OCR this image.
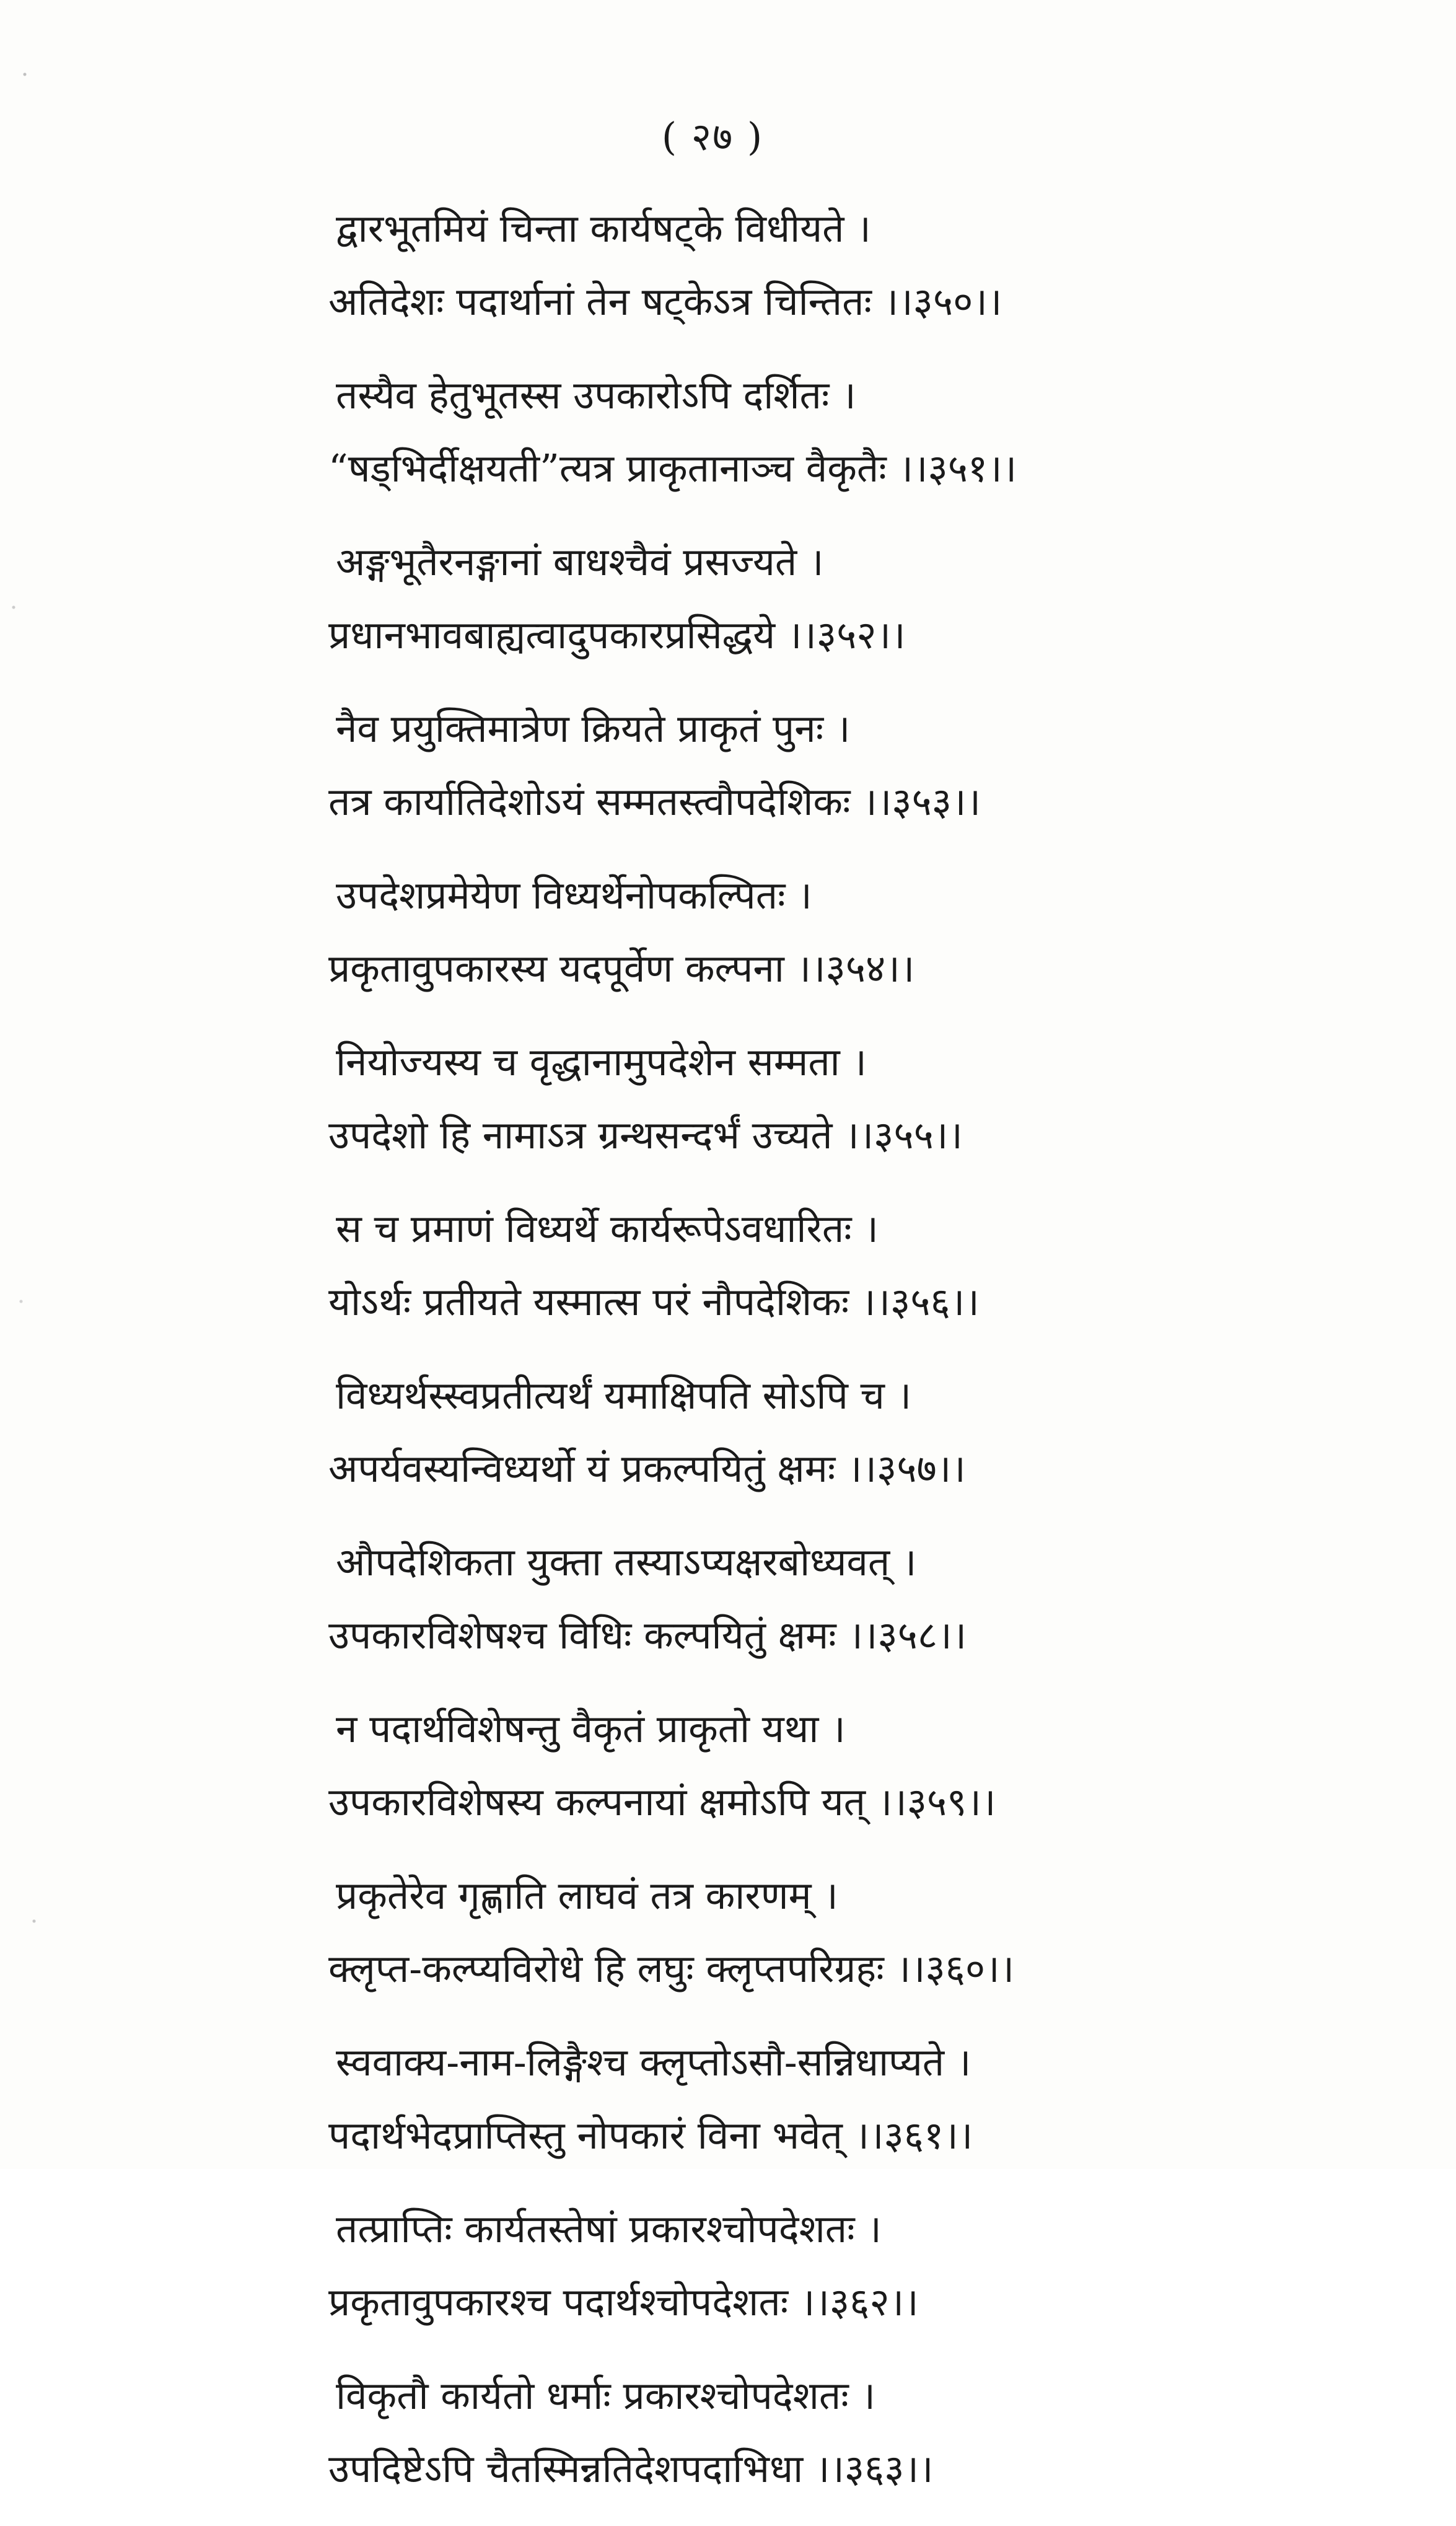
( २७ )
द्वारभूतमियं चिन्ता कार्यषट्के विधीयते ।
अतिदेशः पदार्थानां तेन षट्केऽत्र चिन्तितः ।।३५०।।
तस्यैव हेतुभूतस्स उपकारोऽपि दर्शितः ।
“षड्भिर्दीक्षयती”त्यत्र प्राकृतानाञ्च वैकृतैः ।।३५१।।
अङ्गभूतैरनङ्गानां बाधश्चैवं प्रसज्यते ।
प्रधानभावबाह्यत्वादुपकारप्रसिद्धये ।।३५२।।
नैव प्रयुक्तिमात्रेण क्रियते प्राकृतं पुनः ।
तत्र कार्यातिदेशोऽयं सम्मतस्त्वौपदेशिकः ।।३५३।।
उपदेशप्रमेयेण विध्यर्थेनोपकल्पितः ।
प्रकृतावुपकारस्य यदपूर्वेण कल्पना ।।३५४।।
नियोज्यस्य च वृद्धानामुपदेशेन सम्मता ।
उपदेशो हि नामाऽत्र ग्रन्थसन्दर्भं उच्यते ।।३५५।।
स च प्रमाणं विध्यर्थे कार्यरूपेऽवधारितः ।
योऽर्थः प्रतीयते यस्मात्स परं नौपदेशिकः ।।३५६।।
विध्यर्थस्स्वप्रतीत्यर्थं यमाक्षिपति सोऽपि च ।
अपर्यवस्यन्विध्यर्थो यं प्रकल्पयितुं क्षमः ।।३५७।।
औपदेशिकता युक्ता तस्याऽप्यक्षरबोध्यवत् ।
उपकारविशेषश्च विधिः कल्पयितुं क्षमः ।।३५८।।
न पदार्थविशेषन्तु वैकृतं प्राकृतो यथा ।
उपकारविशेषस्य कल्पनायां क्षमोऽपि यत् ।।३५९।।
प्रकृतेरेव गृह्णाति लाघवं तत्र कारणम् ।
क्लृप्त-कल्प्यविरोधे हि लघुः क्लृप्तपरिग्रहः ।।३६०।।
स्ववाक्य-नाम-लिङ्गैश्च क्लृप्तोऽसौ-सन्निधाप्यते ।
पदार्थभेदप्राप्तिस्तु नोपकारं विना भवेत् ।।३६१।।
तत्प्राप्तिः कार्यतस्तेषां प्रकारश्चोपदेशतः ।
प्रकृतावुपकारश्च पदार्थश्चोपदेशतः ।।३६२।।
विकृतौ कार्यतो धर्माः प्रकारश्चोपदेशतः ।
उपदिष्टेऽपि चैतस्मिन्नतिदेशपदाभिधा ।।३६३।।
